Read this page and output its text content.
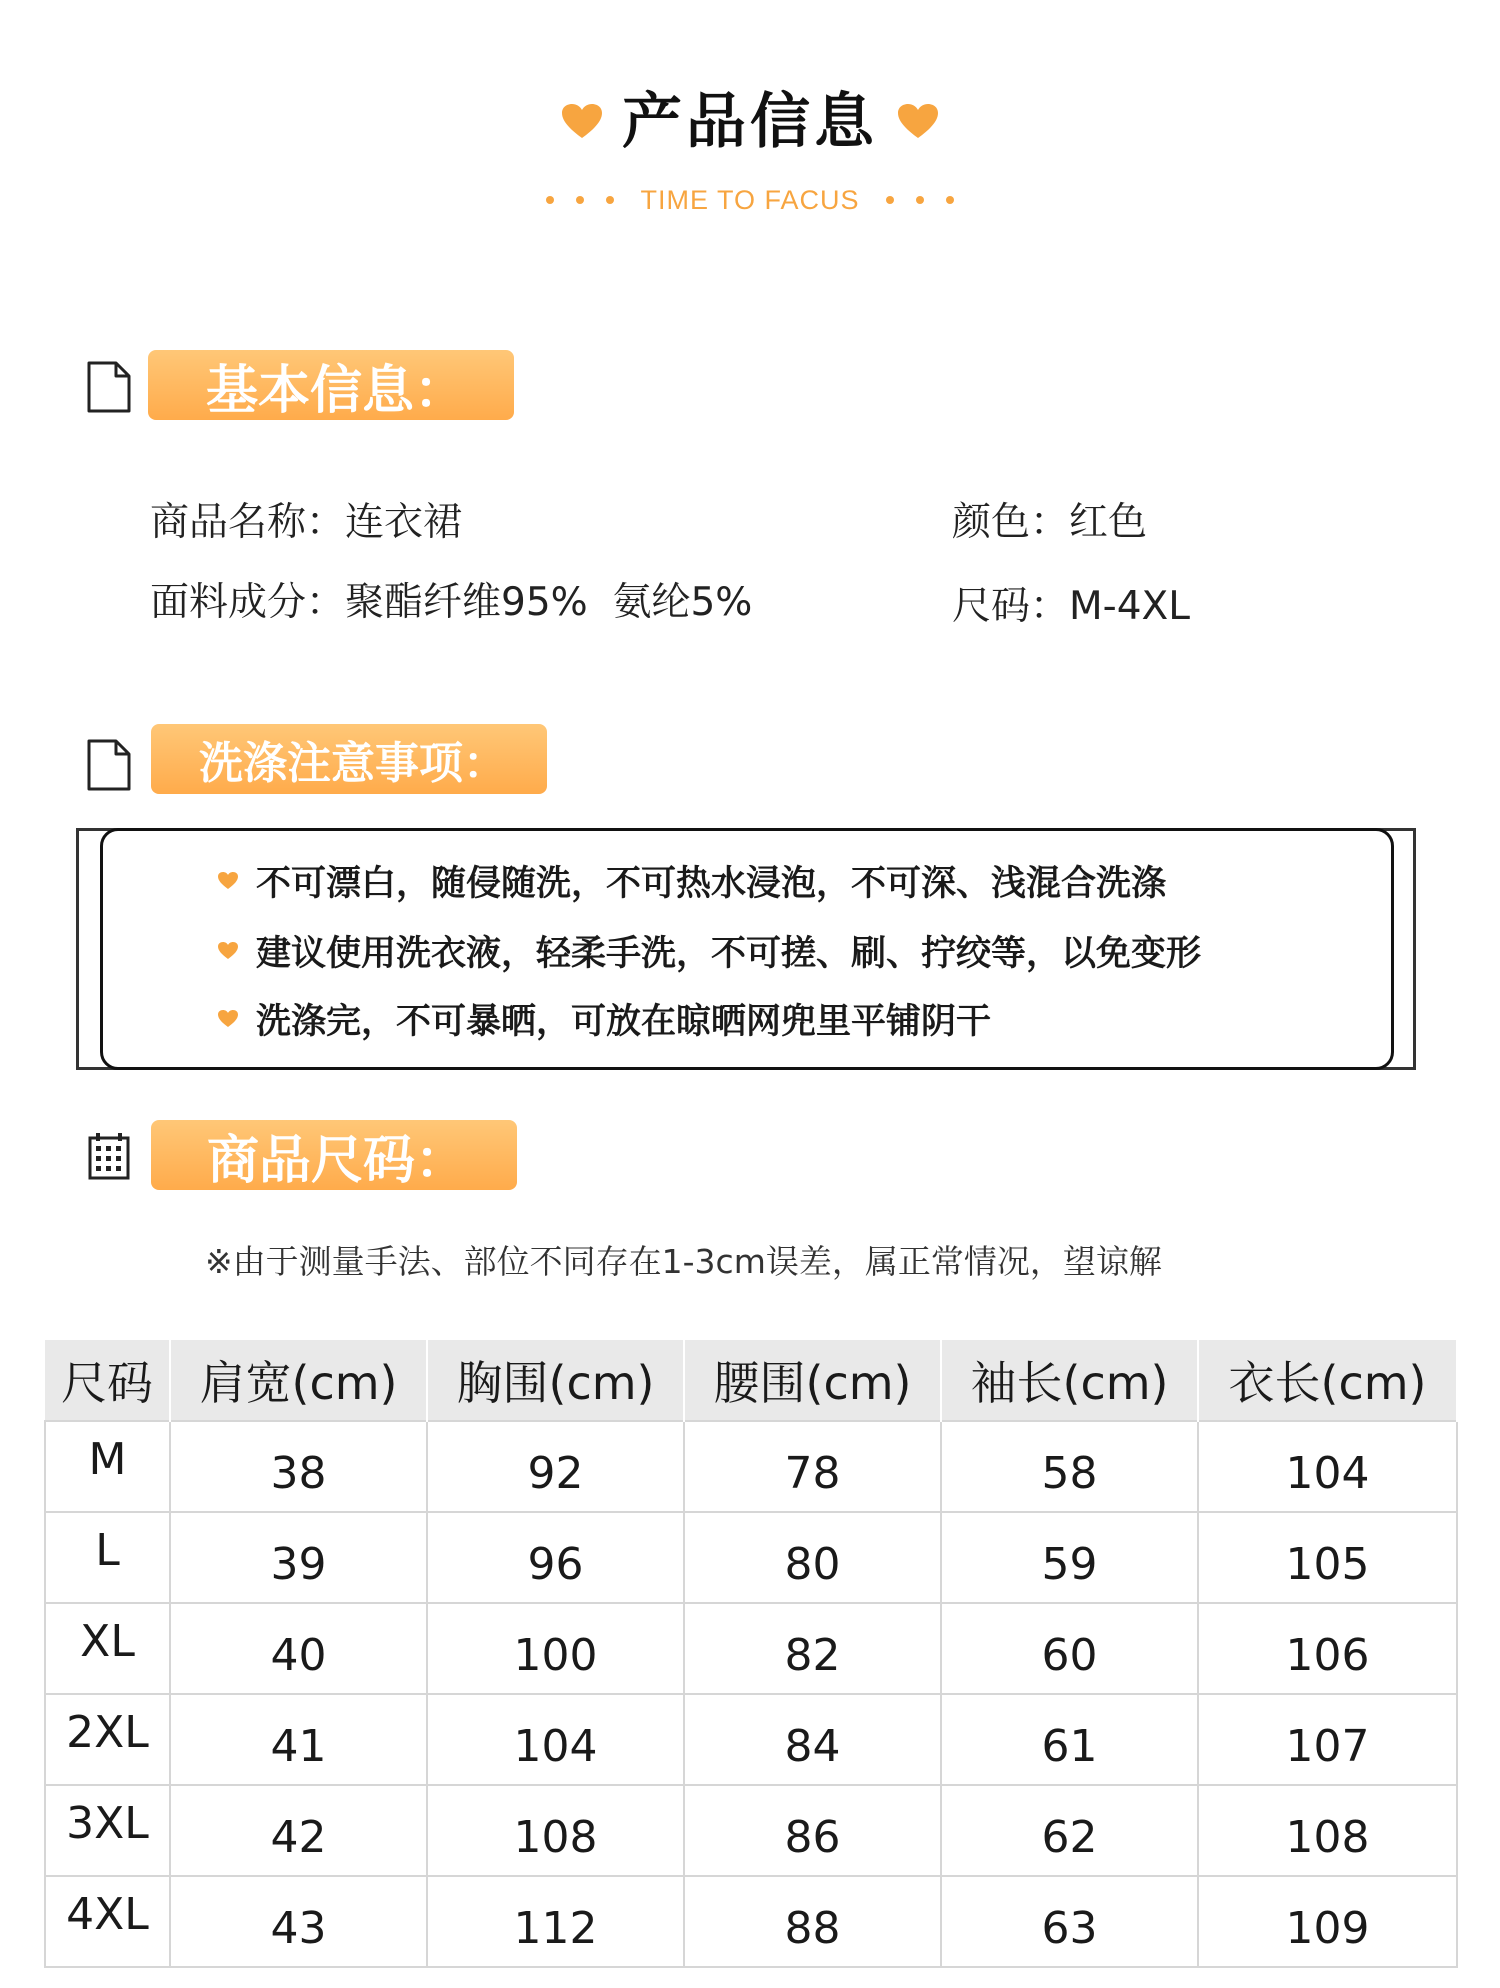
产品信息
TIME TO FACUS
基本信息：
商品名称：连衣裙
面料成分：聚酯纤维95%  氨纶5%
颜色：红色
尺码：M-4XL
洗涤注意事项：
不可漂白，随侵随洗，不可热水浸泡，不可深、浅混合洗涤
建议使用洗衣液，轻柔手洗，不可搓、刷、拧绞等，以免变形
洗涤完，不可暴晒，可放在晾晒网兜里平铺阴干
商品尺码：
※由于测量手法、部位不同存在1-3cm误差，属正常情况，望谅解
尺码	肩宽(cm)	胸围(cm)	腰围(cm)	袖长(cm)	衣长(cm)
M	38	92	78	58	104
L	39	96	80	59	105
XL	40	100	82	60	106
2XL	41	104	84	61	107
3XL	42	108	86	62	108
4XL	43	112	88	63	109
